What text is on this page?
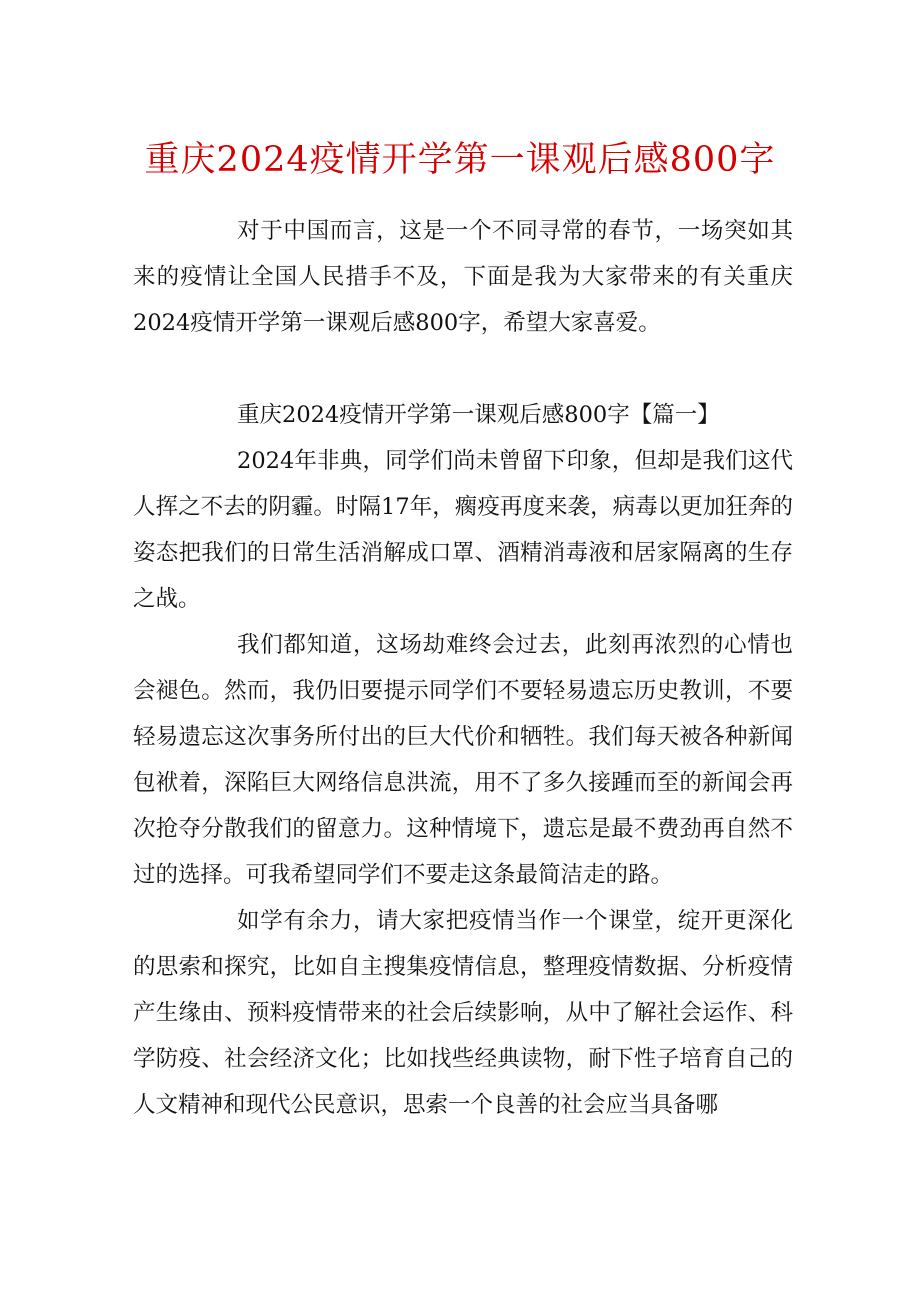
重庆2024疫情开学第一课观后感800字

对于中国而言，这是一个不同寻常的春节，一场突如其来的疫情让全国人民措手不及，下面是我为大家带来的有关重庆2024疫情开学第一课观后感800字，希望大家喜爱。

重庆2024疫情开学第一课观后感800字【篇一】

2024年非典，同学们尚未曾留下印象，但却是我们这代人挥之不去的阴霾。时隔17年，瘸疫再度来袭，病毒以更加狂奔的姿态把我们的日常生活消解成口罩、酒精消毒液和居家隔离的生存之战。

我们都知道，这场劫难终会过去，此刻再浓烈的心情也会褪色。然而，我仍旧要提示同学们不要轻易遗忘历史教训，不要轻易遗忘这次事务所付出的巨大代价和牺牲。我们每天被各种新闻包袱着，深陷巨大网络信息洪流，用不了多久接踵而至的新闻会再次抢夺分散我们的留意力。这种情境下，遗忘是最不费劲再自然不过的选择。可我希望同学们不要走这条最简洁走的路。

如学有余力，请大家把疫情当作一个课堂，绽开更深化的思索和探究，比如自主搜集疫情信息，整理疫情数据、分析疫情产生缘由、预料疫情带来的社会后续影响，从中了解社会运作、科学防疫、社会经济文化；比如找些经典读物，耐下性子培育自己的人文精神和现代公民意识，思索一个良善的社会应当具备哪
